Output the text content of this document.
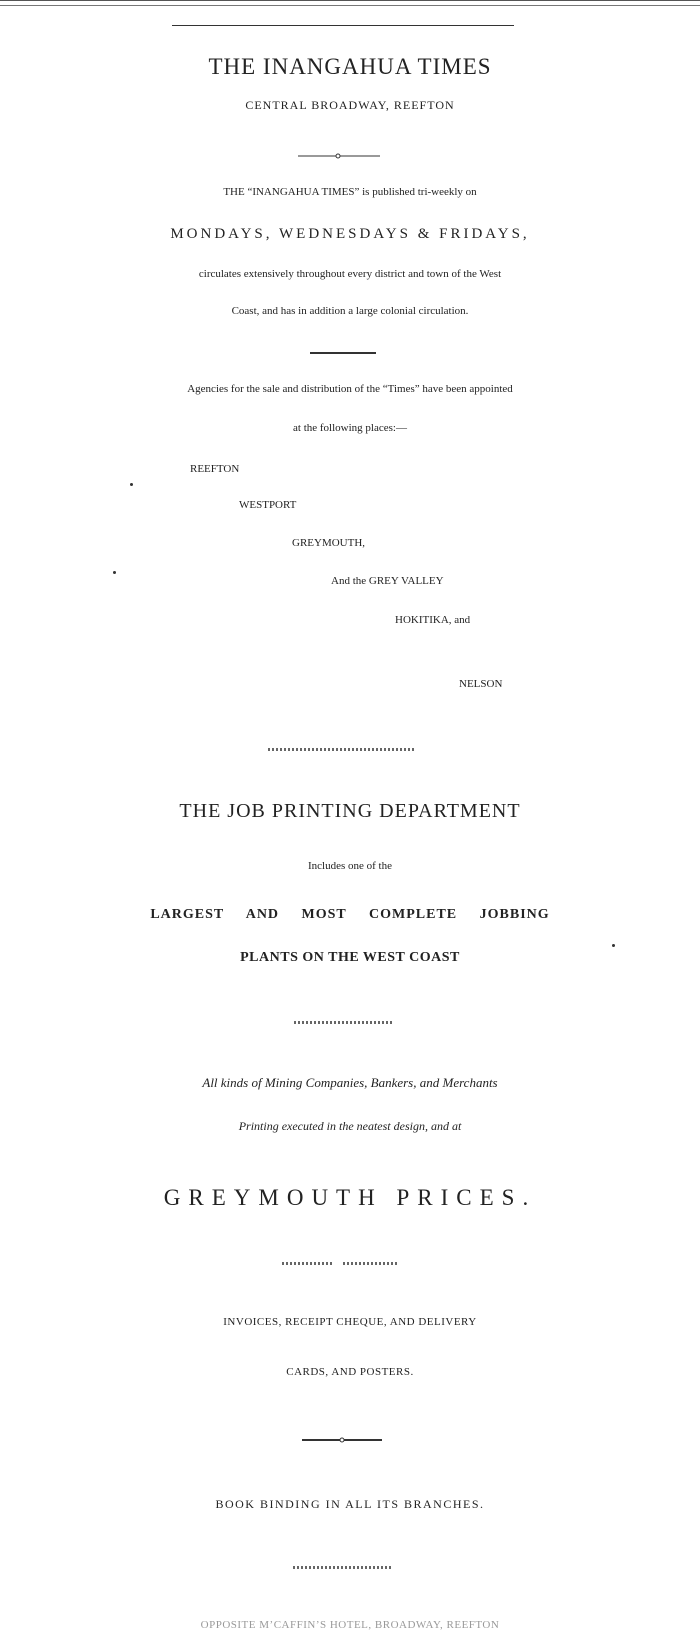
THE INANGAHUA TIMES
CENTRAL BROADWAY, REEFTON
THE “INANGAHUA TIMES” is published tri-weekly on
MONDAYS, WEDNESDAYS & FRIDAYS,
circulates extensively throughout every district and town of the West
Coast, and has in addition a large colonial circulation.
Agencies for the sale and distribution of the “Times” have been appointed
at the following places:—
REEFTON
WESTPORT
GREYMOUTH,
And the GREY VALLEY
HOKITIKA, and
NELSON
THE JOB PRINTING DEPARTMENT
Includes one of the
LARGEST AND MOST COMPLETE JOBBING
PLANTS ON THE WEST COAST
All kinds of Mining Companies, Bankers, and Merchants
Printing executed in the neatest design, and at
GREYMOUTH PRICES.
INVOICES, RECEIPT CHEQUE, AND DELIVERY
CARDS, AND POSTERS.
BOOK BINDING IN ALL ITS BRANCHES.
OPPOSITE M’CAFFIN’S HOTEL, BROADWAY, REEFTON
